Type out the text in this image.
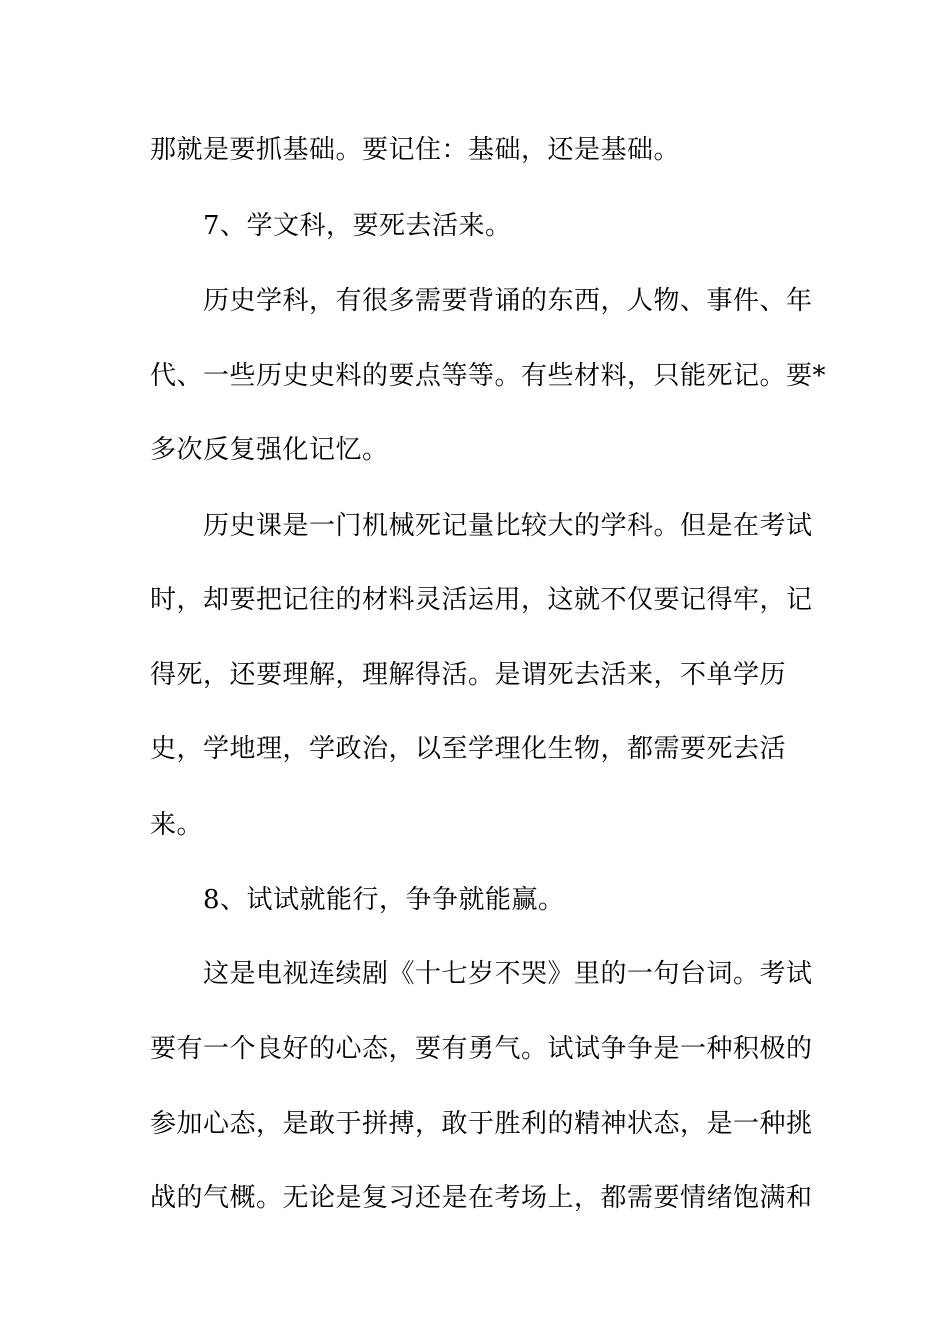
那就是要抓基础。要记住：基础，还是基础。
7、学文科，要死去活来。
历史学科，有很多需要背诵的东西，人物、事件、年
代、一些历史史料的要点等等。有些材料，只能死记。要*
多次反复强化记忆。
历史课是一门机械死记量比较大的学科。但是在考试
时，却要把记往的材料灵活运用，这就不仅要记得牢，记
得死，还要理解，理解得活。是谓死去活来，不单学历
史，学地理，学政治，以至学理化生物，都需要死去活
来。
8、试试就能行，争争就能赢。
这是电视连续剧《十七岁不哭》里的一句台词。考试
要有一个良好的心态，要有勇气。试试争争是一种积极的
参加心态，是敢于拼搏，敢于胜利的精神状态，是一种挑
战的气概。无论是复习还是在考场上，都需要情绪饱满和
